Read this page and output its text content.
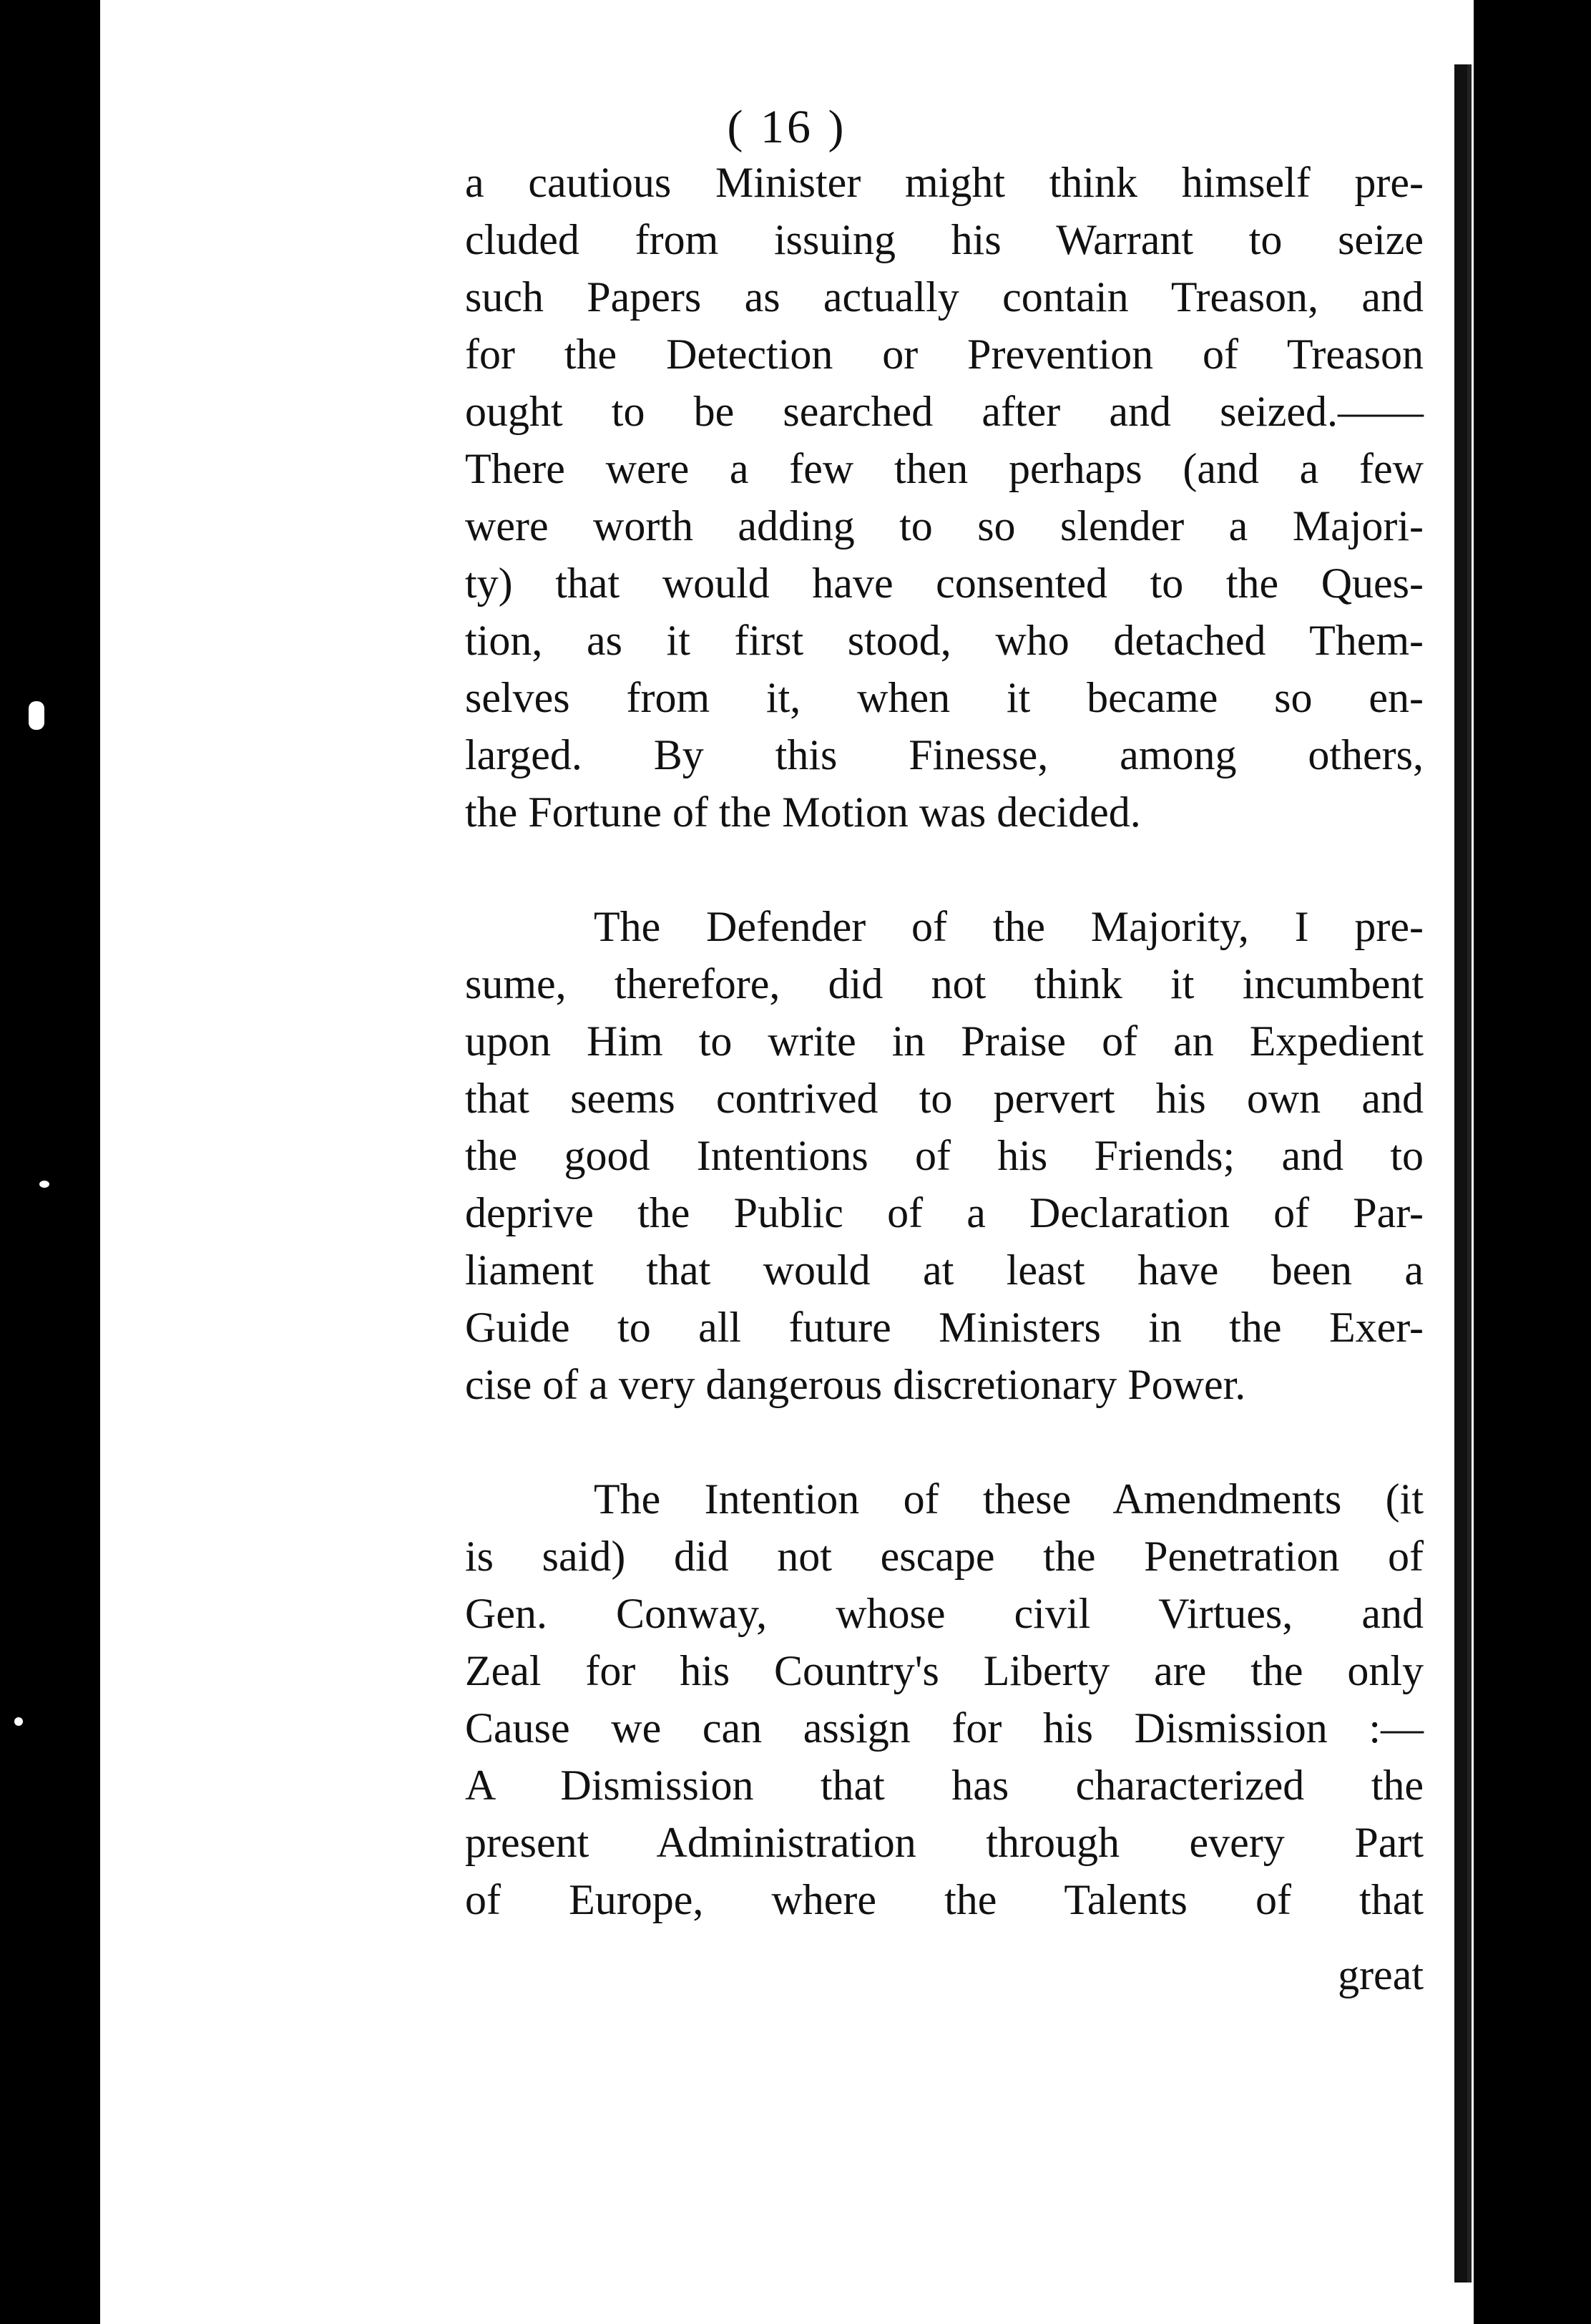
( 16 )

a cautious Minister might think himself pre-

cluded from issuing his Warrant to seize

such Papers as actually contain Treason, and

for the Detection or Prevention of Treason

ought to be searched after and seized.——

There were a few then perhaps (and a few

were worth adding to so slender a Majori-

ty) that would have consented to the Ques-

tion, as it first stood, who detached Them-

selves from it, when it became so en-

larged. By this Finesse, among others,

the Fortune of the Motion was decided.

The Defender of the Majority, I pre-

sume, therefore, did not think it incumbent

upon Him to write in Praise of an Expedient

that seems contrived to pervert his own and

the good Intentions of his Friends; and to

deprive the Public of a Declaration of Par-

liament that would at least have been a

Guide to all future Ministers in the Exer-

cise of a very dangerous discretionary Power.

The Intention of these Amendments (it

is said) did not escape the Penetration of

Gen. Conway, whose civil Virtues, and

Zeal for his Country's Liberty are the only

Cause we can assign for his Dismission :—

A Dismission that has characterized the

present Administration through every Part

of Europe, where the Talents of that

great
